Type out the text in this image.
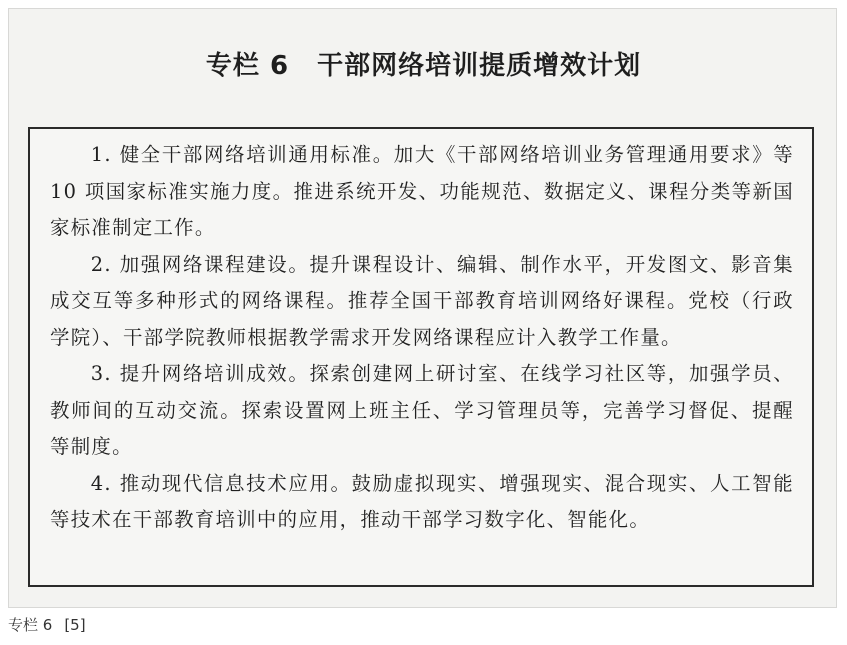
专栏 6 干部网络培训提质增效计划

1. 健全干部网络培训通用标准。加大《干部网络培训业务管理通用要求》等 10 项国家标准实施力度。推进系统开发、功能规范、数据定义、课程分类等新国家标准制定工作。

2. 加强网络课程建设。提升课程设计、编辑、制作水平，开发图文、影音集成交互等多种形式的网络课程。推荐全国干部教育培训网络好课程。党校（行政学院）、干部学院教师根据教学需求开发网络课程应计入教学工作量。

3. 提升网络培训成效。探索创建网上研讨室、在线学习社区等，加强学员、教师间的互动交流。探索设置网上班主任、学习管理员等，完善学习督促、提醒等制度。

4. 推动现代信息技术应用。鼓励虚拟现实、增强现实、混合现实、人工智能等技术在干部教育培训中的应用，推动干部学习数字化、智能化。

专栏 6 [5]
